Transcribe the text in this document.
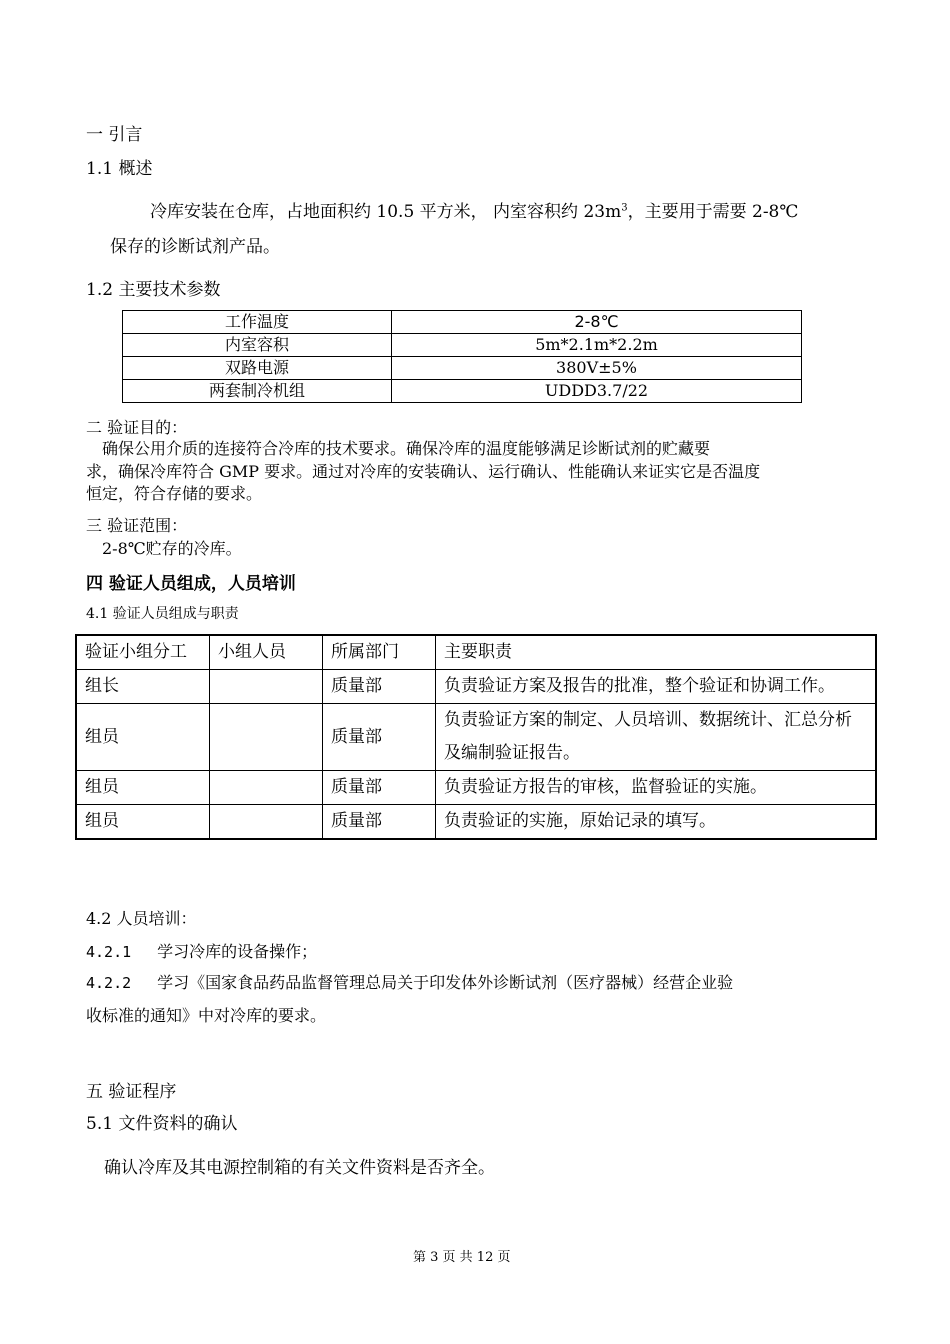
一 引言
1.1 概述
冷库安装在仓库，占地面积约 10.5 平方米， 内室容积约 $23m^3$，主要用于需要 2-8℃
保存的诊断试剂产品。
1.2 主要技术参数
工作温度	2-8℃
内室容积	5m*2.1m*2.2m
双路电源	380V±5%
两套制冷机组	UDDD3.7/22
二 验证目的：
确保公用介质的连接符合冷库的技术要求。确保冷库的温度能够满足诊断试剂的贮藏要
求，确保冷库符合 GMP 要求。通过对冷库的安装确认、运行确认、性能确认来证实它是否温度
恒定，符合存储的要求。
三 验证范围：
2-8℃贮存的冷库。
四 验证人员组成，人员培训
4.1 验证人员组成与职责
验证小组分工	小组人员	所属部门	主要职责
组长		质量部	负责验证方案及报告的批准，整个验证和协调工作。
组员		质量部	负责验证方案的制定、人员培训、数据统计、汇总分析及编制验证报告。
组员		质量部	负责验证方报告的审核，监督验证的实施。
组员		质量部	负责验证的实施，原始记录的填写。
4.2 人员培训：
4.2.1 学习冷库的设备操作；
4.2.2 学习《国家食品药品监督管理总局关于印发体外诊断试剂（医疗器械）经营企业验
收标准的通知》中对冷库的要求。
五 验证程序
5.1 文件资料的确认
确认冷库及其电源控制箱的有关文件资料是否齐全。
第 3 页 共 12 页
